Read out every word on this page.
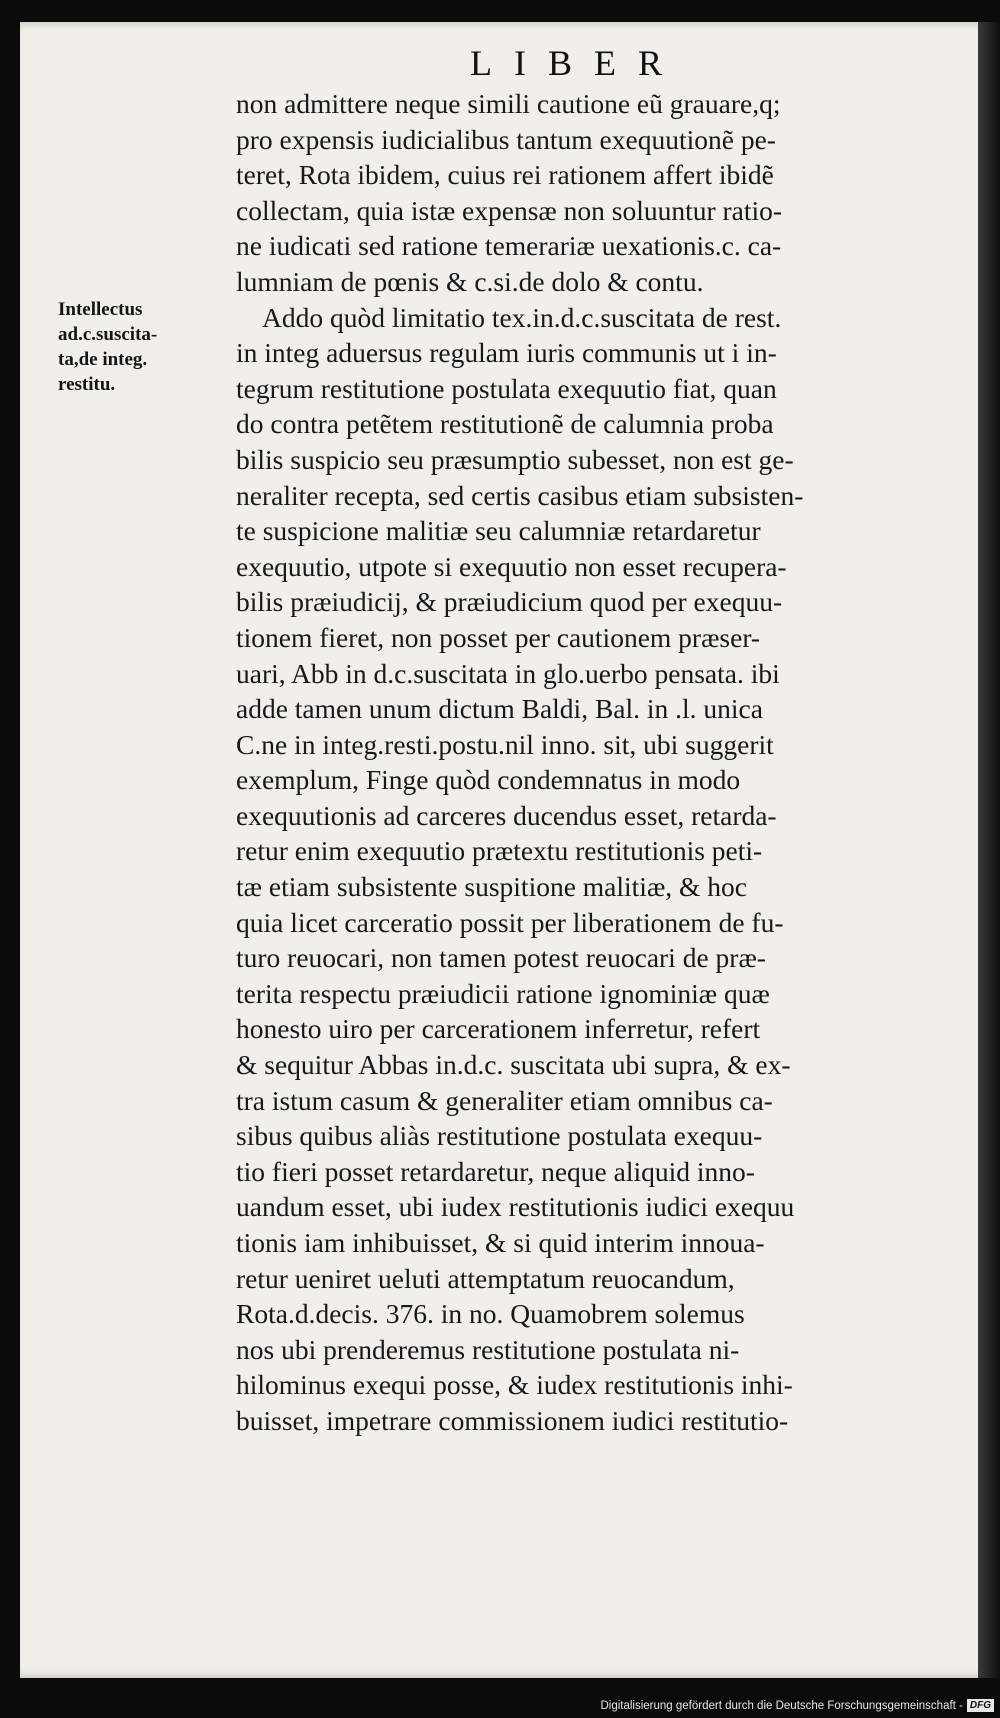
LIBER
Intellectus
ad.c.suscita-
ta,de integ.
restitu.
non admittere neque simili cautione eũ grauare,q;
pro expensis iudicialibus tantum exequutionẽ pe-
teret, Rota ibidem, cuius rei rationem affert ibidẽ
collectam, quia istæ expensæ non soluuntur ratio-
ne iudicati sed ratione temerariæ uexationis.c. ca-
lumniam de pœnis & c.si.de dolo & contu.
Addo quòd limitatio tex.in.d.c.suscitata de rest.
in integ aduersus regulam iuris communis ut i in-
tegrum restitutione postulata exequutio fiat, quan
do contra petẽtem restitutionẽ de calumnia proba
bilis suspicio seu præsumptio subesset, non est ge-
neraliter recepta, sed certis casibus etiam subsisten-
te suspicione malitiæ seu calumniæ retardaretur
exequutio, utpote si exequutio non esset recupera-
bilis præiudicij, & præiudicium quod per exequu-
tionem fieret, non posset per cautionem præser-
uari, Abb in d.c.suscitata in glo.uerbo pensata. ibi
adde tamen unum dictum Baldi, Bal. in .l. unica
C.ne in integ.resti.postu.nil inno. sit, ubi suggerit
exemplum, Finge quòd condemnatus in modo
exequutionis ad carceres ducendus esset, retarda-
retur enim exequutio prætextu restitutionis peti-
tæ etiam subsistente suspitione malitiæ, & hoc
quia licet carceratio possit per liberationem de fu-
turo reuocari, non tamen potest reuocari de præ-
terita respectu præiudicii ratione ignominiæ quæ
honesto uiro per carcerationem inferretur, refert
& sequitur Abbas in.d.c. suscitata ubi supra, & ex-
tra istum casum & generaliter etiam omnibus ca-
sibus quibus aliàs restitutione postulata exequu-
tio fieri posset retardaretur, neque aliquid inno-
uandum esset, ubi iudex restitutionis iudici exequu
tionis iam inhibuisset, & si quid interim innoua-
retur ueniret ueluti attemptatum reuocandum,
Rota.d.decis. 376. in no. Quamobrem solemus
nos ubi prenderemus restitutione postulata ni-
hilominus exequi posse, & iudex restitutionis inhi-
buisset, impetrare commissionem iudici restitutio-
Digitalisierung gefördert durch die Deutsche Forschungsgemeinschaft - DFG
